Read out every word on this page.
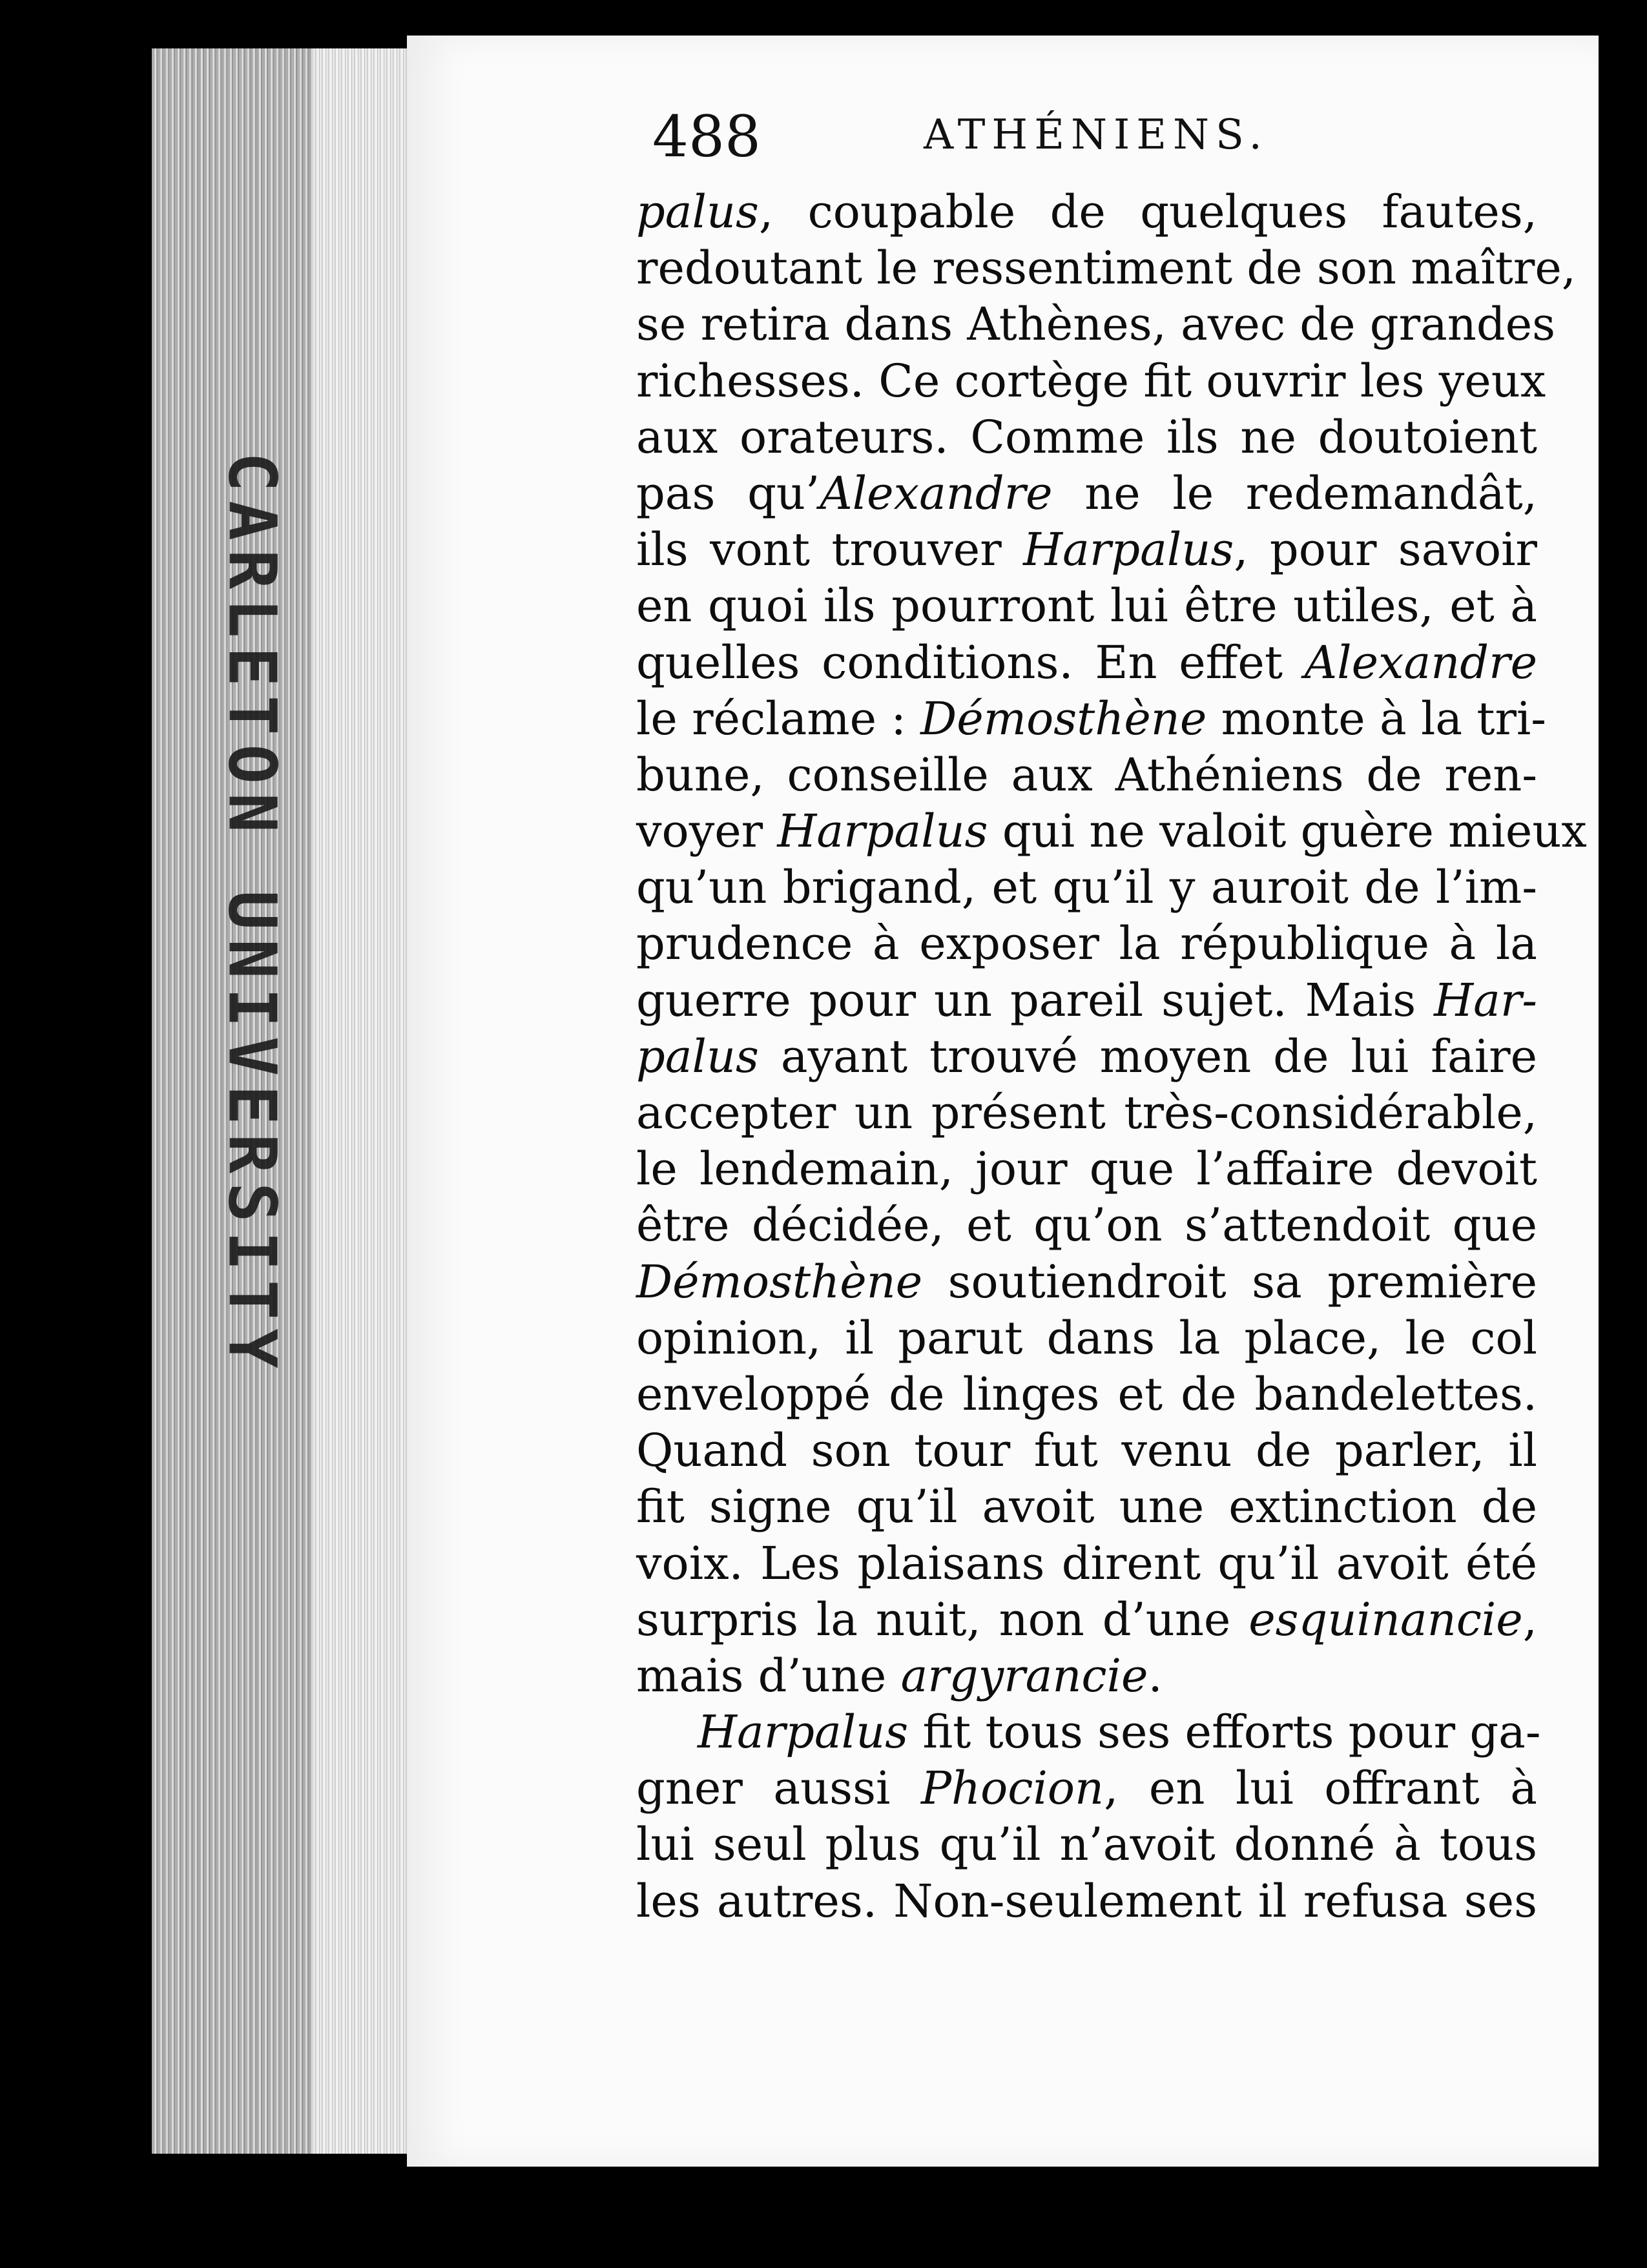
CARLETON UNIVERSITY
488	ATHÉNIENS.
palus, coupable de quelques fautes,
redoutant le ressentiment de son maître,
se retira dans Athènes, avec de grandes
richesses. Ce cortège fit ouvrir les yeux
aux orateurs. Comme ils ne doutoient
pas qu’Alexandre ne le redemandât,
ils vont trouver Harpalus, pour savoir
en quoi ils pourront lui être utiles, et à
quelles conditions. En effet Alexandre
le réclame : Démosthène monte à la tri-
bune, conseille aux Athéniens de ren-
voyer Harpalus qui ne valoit guère mieux
qu’un brigand, et qu’il y auroit de l’im-
prudence à exposer la république à la
guerre pour un pareil sujet. Mais Har-
palus ayant trouvé moyen de lui faire
accepter un présent très-considérable,
le lendemain, jour que l’affaire devoit
être décidée, et qu’on s’attendoit que
Démosthène soutiendroit sa première
opinion, il parut dans la place, le col
enveloppé de linges et de bandelettes.
Quand son tour fut venu de parler, il
fit signe qu’il avoit une extinction de
voix. Les plaisans dirent qu’il avoit été
surpris la nuit, non d’une esquinancie,
mais d’une argyrancie.
Harpalus fit tous ses efforts pour ga-
gner aussi Phocion, en lui offrant à
lui seul plus qu’il n’avoit donné à tous
les autres. Non-seulement il refusa ses
